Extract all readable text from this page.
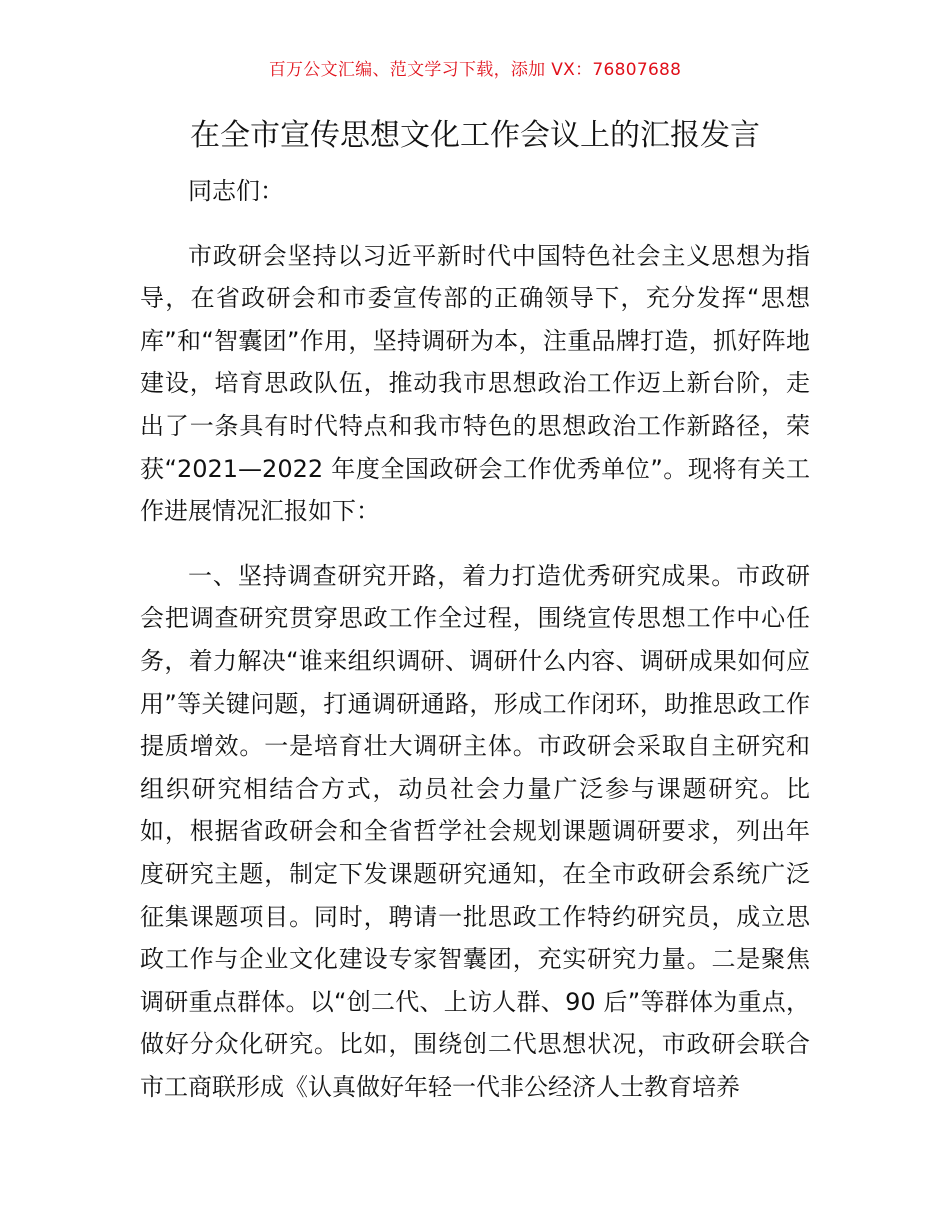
百万公文汇编、范文学习下载，添加 VX：76807688
在全市宣传思想文化工作会议上的汇报发言

同志们：

市政研会坚持以习近平新时代中国特色社会主义思想为指导，在省政研会和市委宣传部的正确领导下，充分发挥“思想库”和“智囊团”作用，坚持调研为本，注重品牌打造，抓好阵地建设，培育思政队伍，推动我市思想政治工作迈上新台阶，走出了一条具有时代特点和我市特色的思想政治工作新路径，荣获“2021—2022 年度全国政研会工作优秀单位”。现将有关工作进展情况汇报如下：

一、坚持调查研究开路，着力打造优秀研究成果。市政研会把调查研究贯穿思政工作全过程，围绕宣传思想工作中心任务，着力解决“谁来组织调研、调研什么内容、调研成果如何应用”等关键问题，打通调研通路，形成工作闭环，助推思政工作提质增效。一是培育壮大调研主体。市政研会采取自主研究和组织研究相结合方式，动员社会力量广泛参与课题研究。比如，根据省政研会和全省哲学社会规划课题调研要求，列出年度研究主题，制定下发课题研究通知，在全市政研会系统广泛征集课题项目。同时，聘请一批思政工作特约研究员，成立思政工作与企业文化建设专家智囊团，充实研究力量。二是聚焦调研重点群体。以“创二代、上访人群、90 后”等群体为重点，做好分众化研究。比如，围绕创二代思想状况，市政研会联合市工商联形成《认真做好年轻一代非公经济人士教育培养
